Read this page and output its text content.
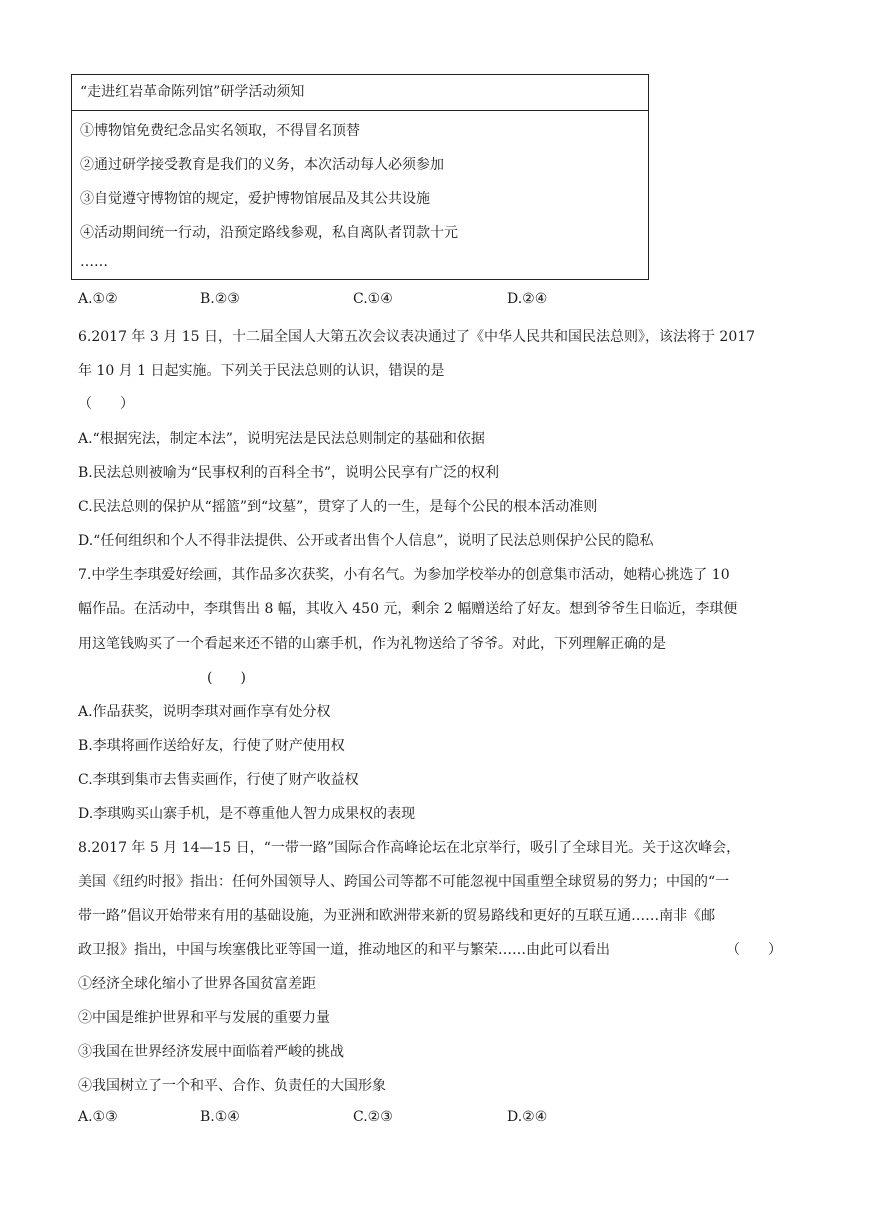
“走进红岩革命陈列馆”研学活动须知
①博物馆免费纪念品实名领取，不得冒名顶替
②通过研学接受教育是我们的义务，本次活动每人必须参加
③自觉遵守博物馆的规定，爱护博物馆展品及其公共设施
④活动期间统一行动，沿预定路线参观，私自离队者罚款十元
……
A.①②	B.②③	C.①④	D.②④
6.2017 年 3 月 15 日，十二届全国人大第五次会议表决通过了《中华人民共和国民法总则》，该法将于 2017
年 10 月 1 日起实施。下列关于民法总则的认识，错误的是
（　　）
A.“根据宪法，制定本法”，说明宪法是民法总则制定的基础和依据
B.民法总则被喻为“民事权利的百科全书”，说明公民享有广泛的权利
C.民法总则的保护从“摇篮”到“坟墓”，贯穿了人的一生，是每个公民的根本活动准则
D.“任何组织和个人不得非法提供、公开或者出售个人信息”，说明了民法总则保护公民的隐私
7.中学生李琪爱好绘画，其作品多次获奖，小有名气。为参加学校举办的创意集市活动，她精心挑选了 10
幅作品。在活动中，李琪售出 8 幅，其收入 450 元，剩余 2 幅赠送给了好友。想到爷爷生日临近，李琪便
用这笔钱购买了一个看起来还不错的山寨手机，作为礼物送给了爷爷。对此，下列理解正确的是
(　　)
A.作品获奖，说明李琪对画作享有处分权
B.李琪将画作送给好友，行使了财产使用权
C.李琪到集市去售卖画作，行使了财产收益权
D.李琪购买山寨手机，是不尊重他人智力成果权的表现
8.2017 年 5 月 14—15 日，“一带一路”国际合作高峰论坛在北京举行，吸引了全球目光。关于这次峰会，
美国《纽约时报》指出：任何外国领导人、跨国公司等都不可能忽视中国重塑全球贸易的努力；中国的“一
带一路”倡议开始带来有用的基础设施，为亚洲和欧洲带来新的贸易路线和更好的互联互通……南非《邮
政卫报》指出，中国与埃塞俄比亚等国一道，推动地区的和平与繁荣……由此可以看出	（　　）
①经济全球化缩小了世界各国贫富差距
②中国是维护世界和平与发展的重要力量
③我国在世界经济发展中面临着严峻的挑战
④我国树立了一个和平、合作、负责任的大国形象
A.①③	B.①④	C.②③	D.②④
